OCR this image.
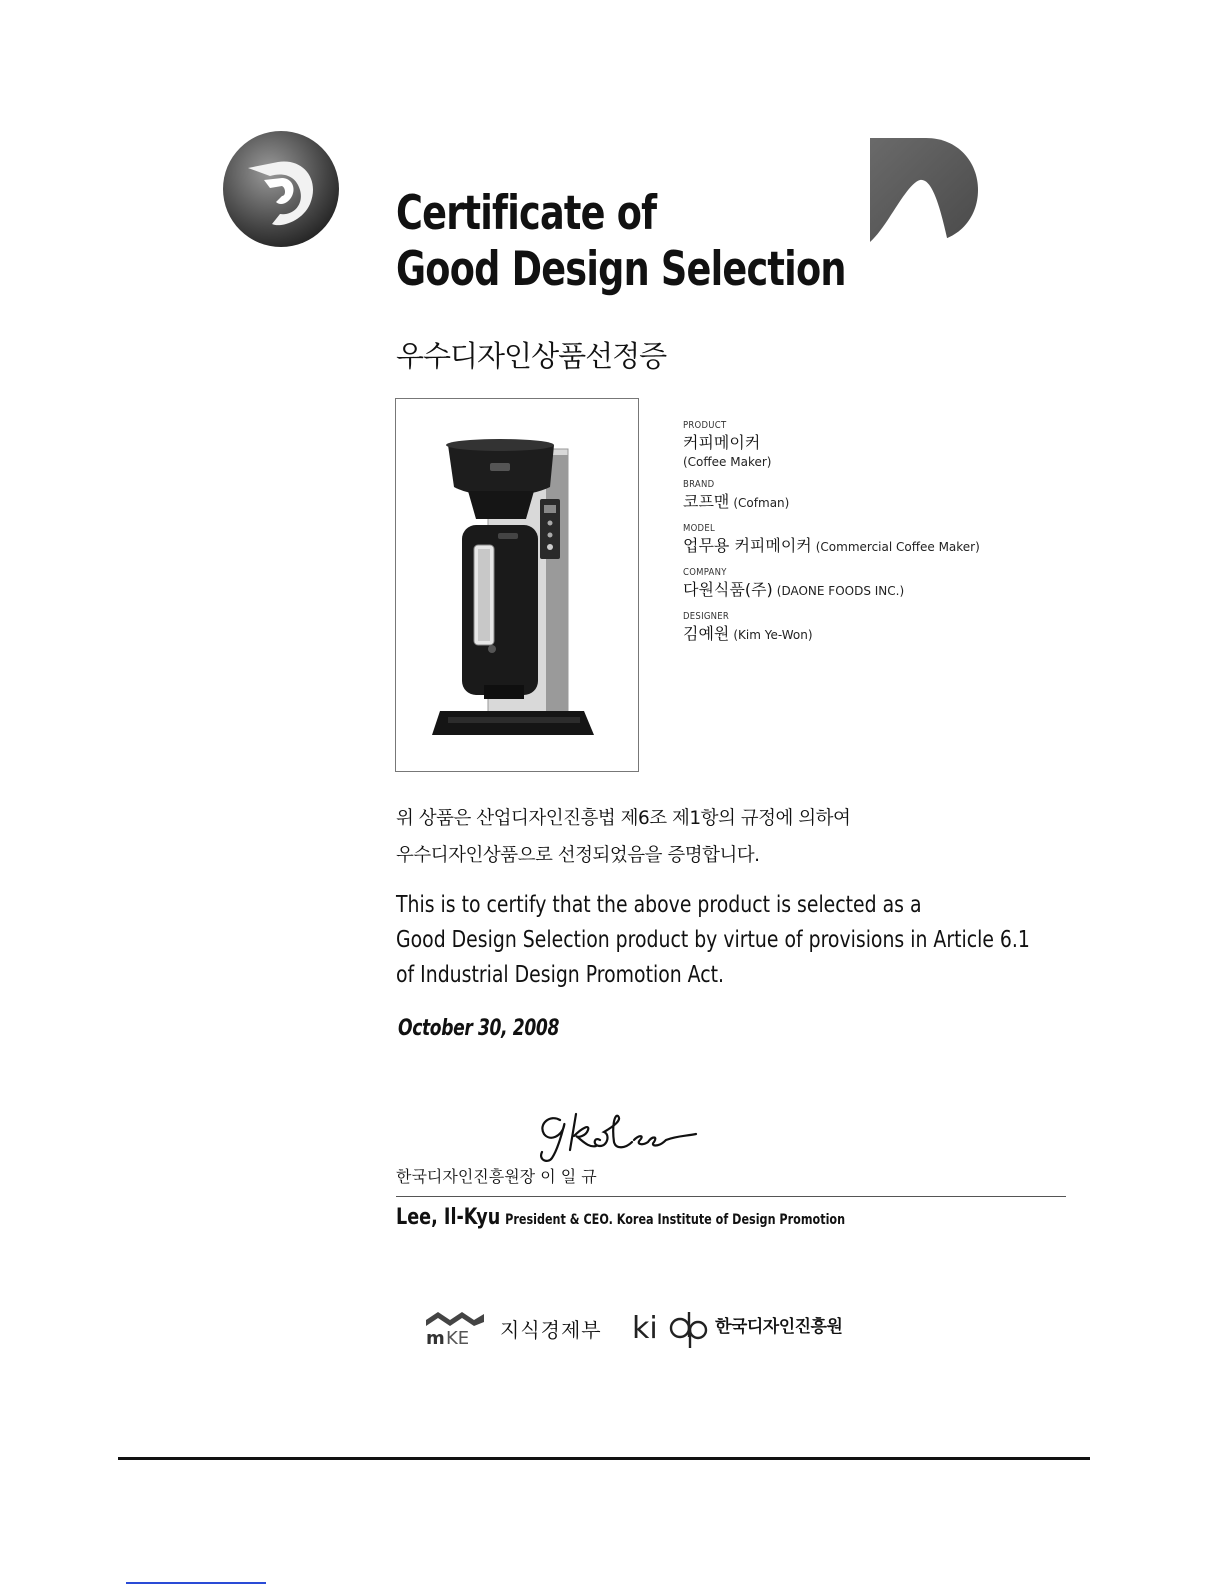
Certificate of
Good Design Selection
우수디자인상품선정증
PRODUCT
커피메이커
(Coffee Maker)
BRAND
코프맨 (Cofman)
MODEL
업무용 커피메이커 (Commercial Coffee Maker)
COMPANY
다원식품(주) (DAONE FOODS INC.)
DESIGNER
김예원 (Kim Ye-Won)
위 상품은 산업디자인진흥법 제6조 제1항의 규정에 의하여
우수디자인상품으로 선정되었음을 증명합니다.
This is to certify that the above product is selected as a
Good Design Selection product by virtue of provisions in Article 6.1
of Industrial Design Promotion Act.
October 30, 2008
한국디자인진흥원장 이 일 규
Lee, Il-Kyu President & CEO. Korea Institute of Design Promotion
m KE 지식경제부 ki	한국디자인진흥원
